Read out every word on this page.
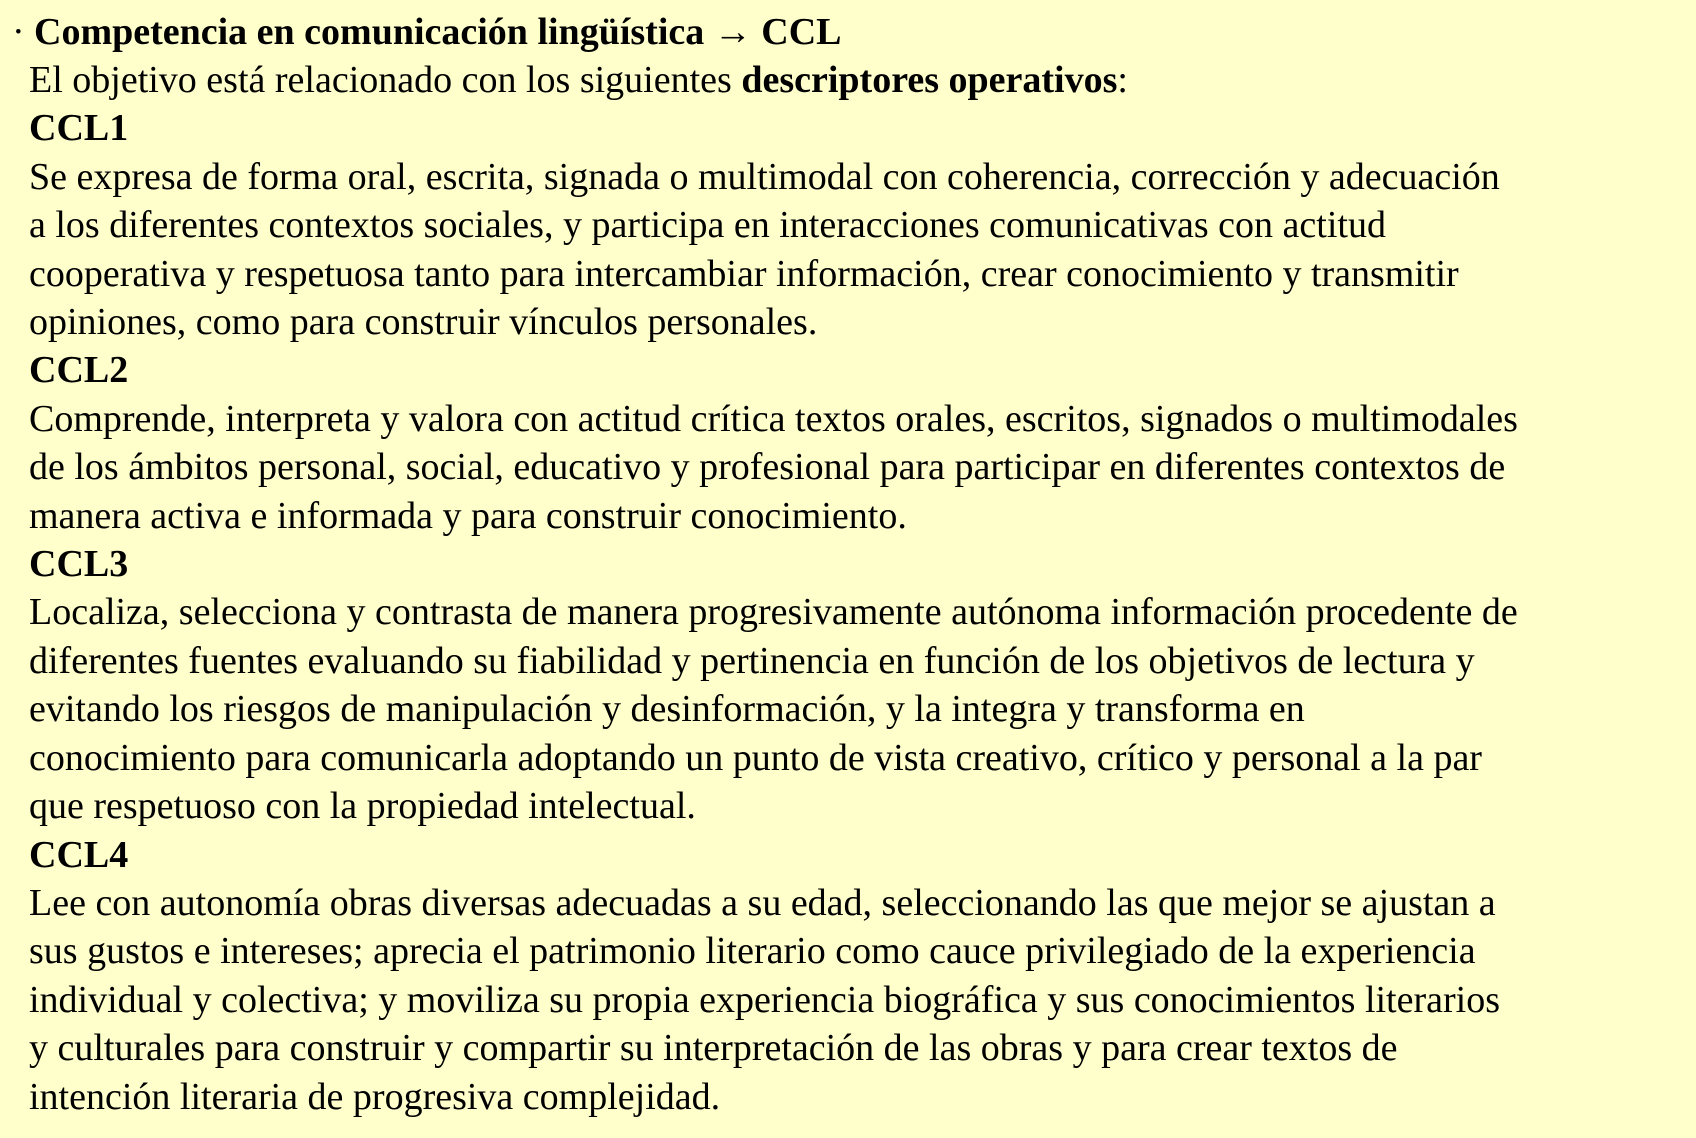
· Competencia en comunicación lingüística → CCL
El objetivo está relacionado con los siguientes descriptores operativos:
CCL1
Se expresa de forma oral, escrita, signada o multimodal con coherencia, corrección y adecuación
a los diferentes contextos sociales, y participa en interacciones comunicativas con actitud
cooperativa y respetuosa tanto para intercambiar información, crear conocimiento y transmitir
opiniones, como para construir vínculos personales.
CCL2
Comprende, interpreta y valora con actitud crítica textos orales, escritos, signados o multimodales
de los ámbitos personal, social, educativo y profesional para participar en diferentes contextos de
manera activa e informada y para construir conocimiento.
CCL3
Localiza, selecciona y contrasta de manera progresivamente autónoma información procedente de
diferentes fuentes evaluando su fiabilidad y pertinencia en función de los objetivos de lectura y
evitando los riesgos de manipulación y desinformación, y la integra y transforma en
conocimiento para comunicarla adoptando un punto de vista creativo, crítico y personal a la par
que respetuoso con la propiedad intelectual.
CCL4
Lee con autonomía obras diversas adecuadas a su edad, seleccionando las que mejor se ajustan a
sus gustos e intereses; aprecia el patrimonio literario como cauce privilegiado de la experiencia
individual y colectiva; y moviliza su propia experiencia biográfica y sus conocimientos literarios
y culturales para construir y compartir su interpretación de las obras y para crear textos de
intención literaria de progresiva complejidad.
